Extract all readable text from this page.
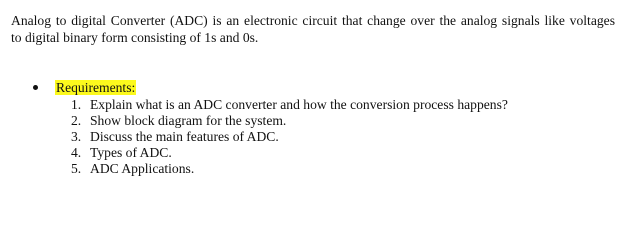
Analog to digital Converter (ADC) is an electronic circuit that change over the analog signals like voltages
to digital binary form consisting of 1s and 0s.

Requirements:
1. Explain what is an ADC converter and how the conversion process happens?
2. Show block diagram for the system.
3. Discuss the main features of ADC.
4. Types of ADC.
5. ADC Applications.
